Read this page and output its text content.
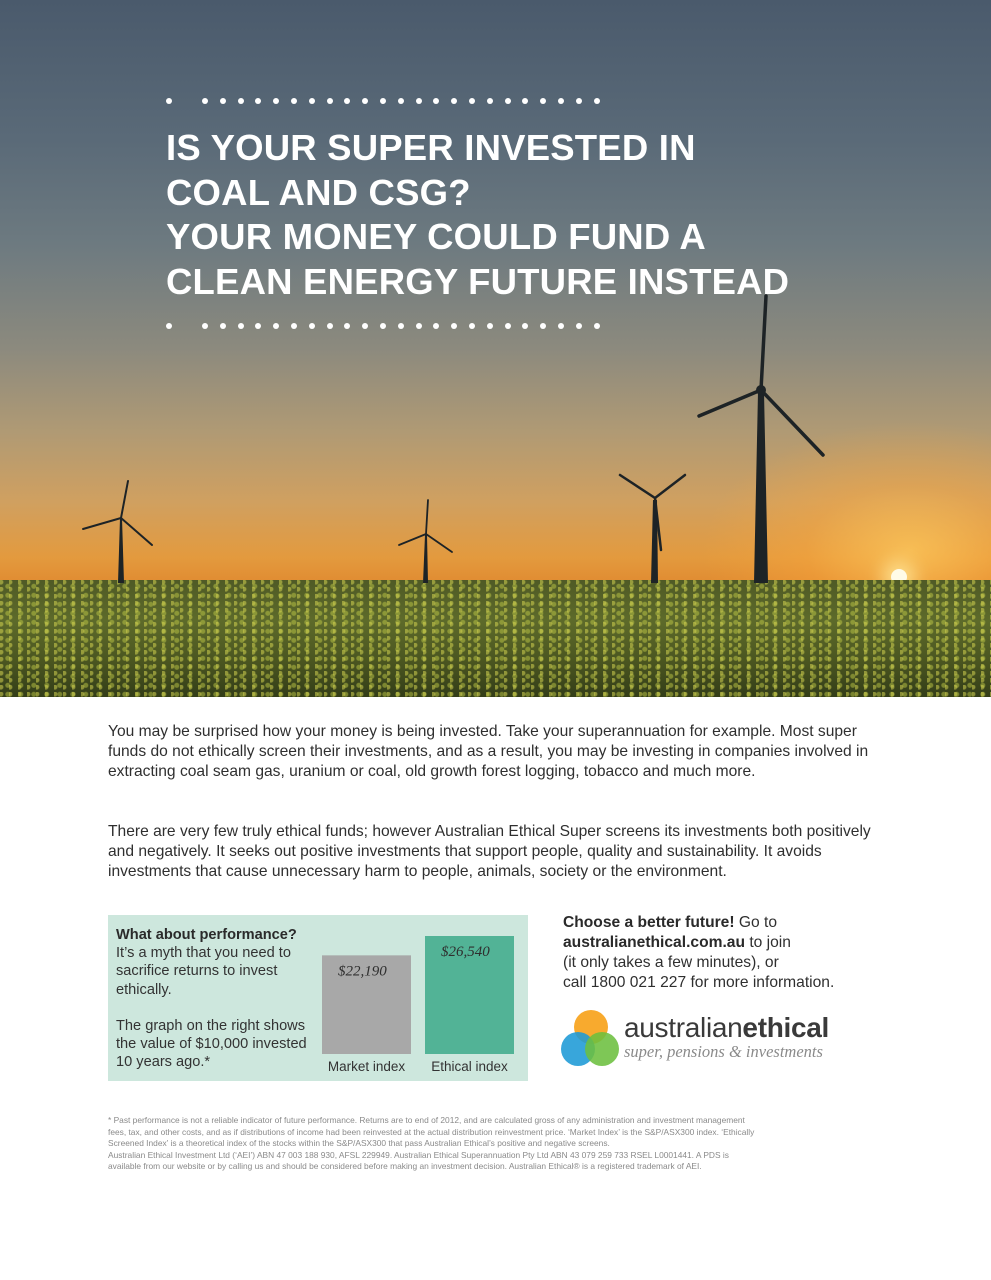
IS YOUR SUPER INVESTED IN
COAL AND CSG?
YOUR MONEY COULD FUND A
CLEAN ENERGY FUTURE INSTEAD

You may be surprised how your money is being invested. Take your superannuation for example. Most super funds do not ethically screen their investments, and as a result, you may be investing in companies involved in extracting coal seam gas, uranium or coal, old growth forest logging, tobacco and much more.

There are very few truly ethical funds; however Australian Ethical Super screens its investments both positively and negatively. It seeks out positive investments that support people, quality and sustainability. It avoids investments that cause unnecessary harm to people, animals, society or the environment.

What about performance?
It’s a myth that you need to sacrifice returns to invest ethically.
The graph on the right shows the value of $10,000 invested 10 years ago.*
$22,190
Market index
$26,540
Ethical index
Choose a better future! Go to
australianethical.com.au to join
(it only takes a few minutes), or
call 1800 021 227 for more information.
australianethical
super, pensions & investments

* Past performance is not a reliable indicator of future performance. Returns are to end of 2012, and are calculated gross of any administration and investment management
fees, tax, and other costs, and as if distributions of income had been reinvested at the actual distribution reinvestment price. ‘Market Index’ is the S&P/ASX300 index. ‘Ethically
Screened Index’ is a theoretical index of the stocks within the S&P/ASX300 that pass Australian Ethical’s positive and negative screens.
Australian Ethical Investment Ltd (‘AEI’) ABN 47 003 188 930, AFSL 229949. Australian Ethical Superannuation Pty Ltd ABN 43 079 259 733 RSEL L0001441. A PDS is
available from our website or by calling us and should be considered before making an investment decision. Australian Ethical® is a registered trademark of AEI.
